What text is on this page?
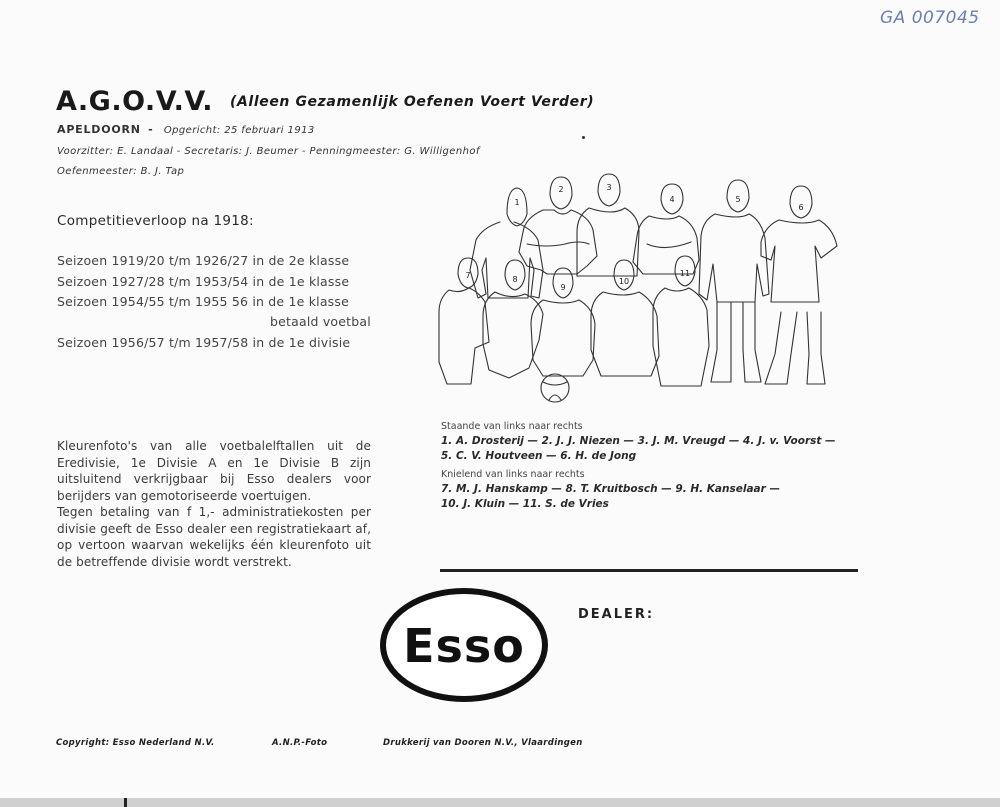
GA 007045
A.G.O.V.V. (Alleen Gezamenlijk Oefenen Voert Verder)
APELDOORN  -   Opgericht: 25 februari 1913
Voorzitter: E. Landaal - Secretaris: J. Beumer - Penningmeester: G. Willigenhof
Oefenmeester: B. J. Tap
Competitieverloop na 1918:
Seizoen 1919/20 t/m 1926/27 in de 2e klasse
Seizoen 1927/28 t/m 1953/54 in de 1e klasse
Seizoen 1954/55 t/m 1955 56 in de 1e klasse
betaald voetbal
Seizoen 1956/57 t/m 1957/58 in de 1e divisie

Kleurenfoto's van alle voetbalelftallen uit de Eredivisie, 1e Divisie A en 1e Divisie B zijn uitsluitend verkrijgbaar bij Esso dealers voor berijders van gemotoriseerde voertuigen.

Tegen betaling van f 1,- administratiekosten per divisie geeft de Esso dealer een registratiekaart af, op vertoon waarvan wekelijks één kleurenfoto uit de betreffende divisie wordt verstrekt.

1
2	3
4	5
6
7	8
9
10
11
Staande van links naar rechts
1. A. Drosterij — 2. J. J. Niezen — 3. J. M. Vreugd — 4. J. v. Voorst —
5. C. V. Houtveen — 6. H. de Jong
Knielend van links naar rechts
7. M. J. Hanskamp — 8. T. Kruitbosch — 9. H. Kanselaar —
10. J. Kluin — 11. S. de Vries
Esso
DEALER:
Copyright: Esso Nederland N.V.	A.N.P.-Foto	Drukkerij van Dooren N.V., Vlaardingen
